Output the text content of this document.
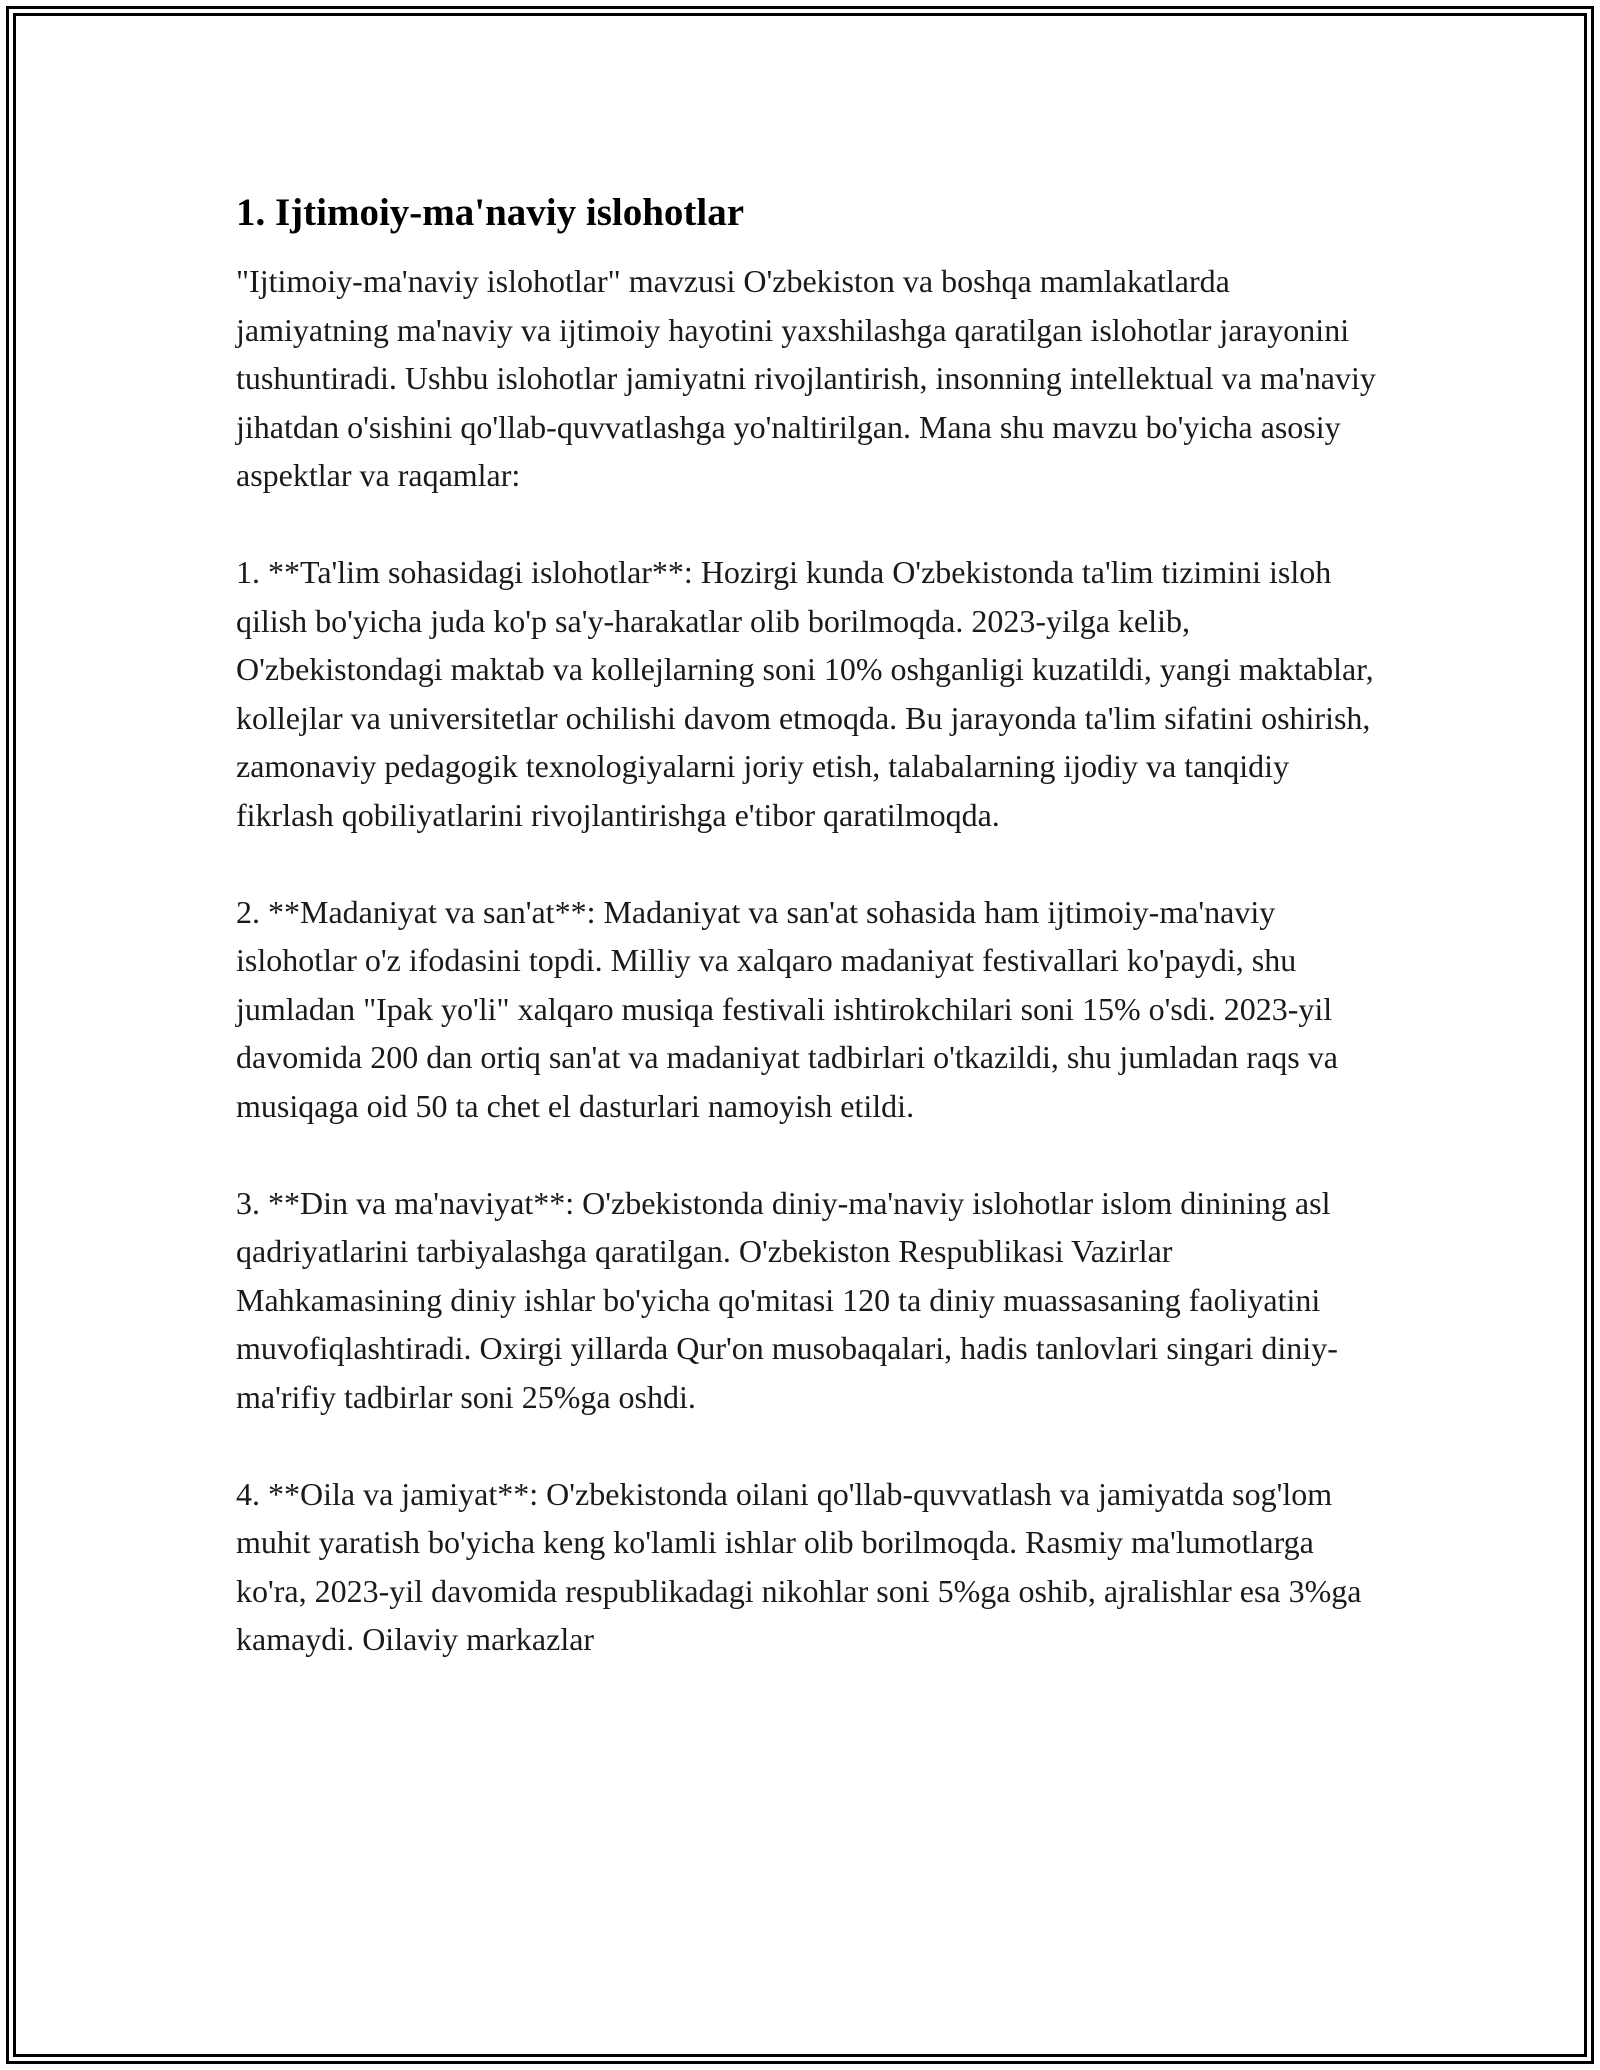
1. Ijtimoiy-ma'naviy islohotlar

"Ijtimoiy-ma'naviy islohotlar" mavzusi O'zbekiston va boshqa mamlakatlarda jamiyatning ma'naviy va ijtimoiy hayotini yaxshilashga qaratilgan islohotlar jarayonini tushuntiradi. Ushbu islohotlar jamiyatni rivojlantirish, insonning intellektual va ma'naviy jihatdan o'sishini qo'llab-quvvatlashga yo'naltirilgan. Mana shu mavzu bo'yicha asosiy aspektlar va raqamlar:

1. **Ta'lim sohasidagi islohotlar**: Hozirgi kunda O'zbekistonda ta'lim tizimini isloh qilish bo'yicha juda ko'p sa'y-harakatlar olib borilmoqda. 2023-yilga kelib, O'zbekistondagi maktab va kollejlarning soni 10% oshganligi kuzatildi, yangi maktablar, kollejlar va universitetlar ochilishi davom etmoqda. Bu jarayonda ta'lim sifatini oshirish, zamonaviy pedagogik texnologiyalarni joriy etish, talabalarning ijodiy va tanqidiy fikrlash qobiliyatlarini rivojlantirishga e'tibor qaratilmoqda.

2. **Madaniyat va san'at**: Madaniyat va san'at sohasida ham ijtimoiy-ma'naviy islohotlar o'z ifodasini topdi. Milliy va xalqaro madaniyat festivallari ko'paydi, shu jumladan "Ipak yo'li" xalqaro musiqa festivali ishtirokchilari soni 15% o'sdi. 2023-yil davomida 200 dan ortiq san'at va madaniyat tadbirlari o'tkazildi, shu jumladan raqs va musiqaga oid 50 ta chet el dasturlari namoyish etildi.

3. **Din va ma'naviyat**: O'zbekistonda diniy-ma'naviy islohotlar islom dinining asl qadriyatlarini tarbiyalashga qaratilgan. O'zbekiston Respublikasi Vazirlar Mahkamasining diniy ishlar bo'yicha qo'mitasi 120 ta diniy muassasaning faoliyatini muvofiqlashtiradi. Oxirgi yillarda Qur'on musobaqalari, hadis tanlovlari singari diniy-ma'rifiy tadbirlar soni 25%ga oshdi.

4. **Oila va jamiyat**: O'zbekistonda oilani qo'llab-quvvatlash va jamiyatda sog'lom muhit yaratish bo'yicha keng ko'lamli ishlar olib borilmoqda. Rasmiy ma'lumotlarga ko'ra, 2023-yil davomida respublikadagi nikohlar soni 5%ga oshib, ajralishlar esa 3%ga kamaydi. Oilaviy markazlar
